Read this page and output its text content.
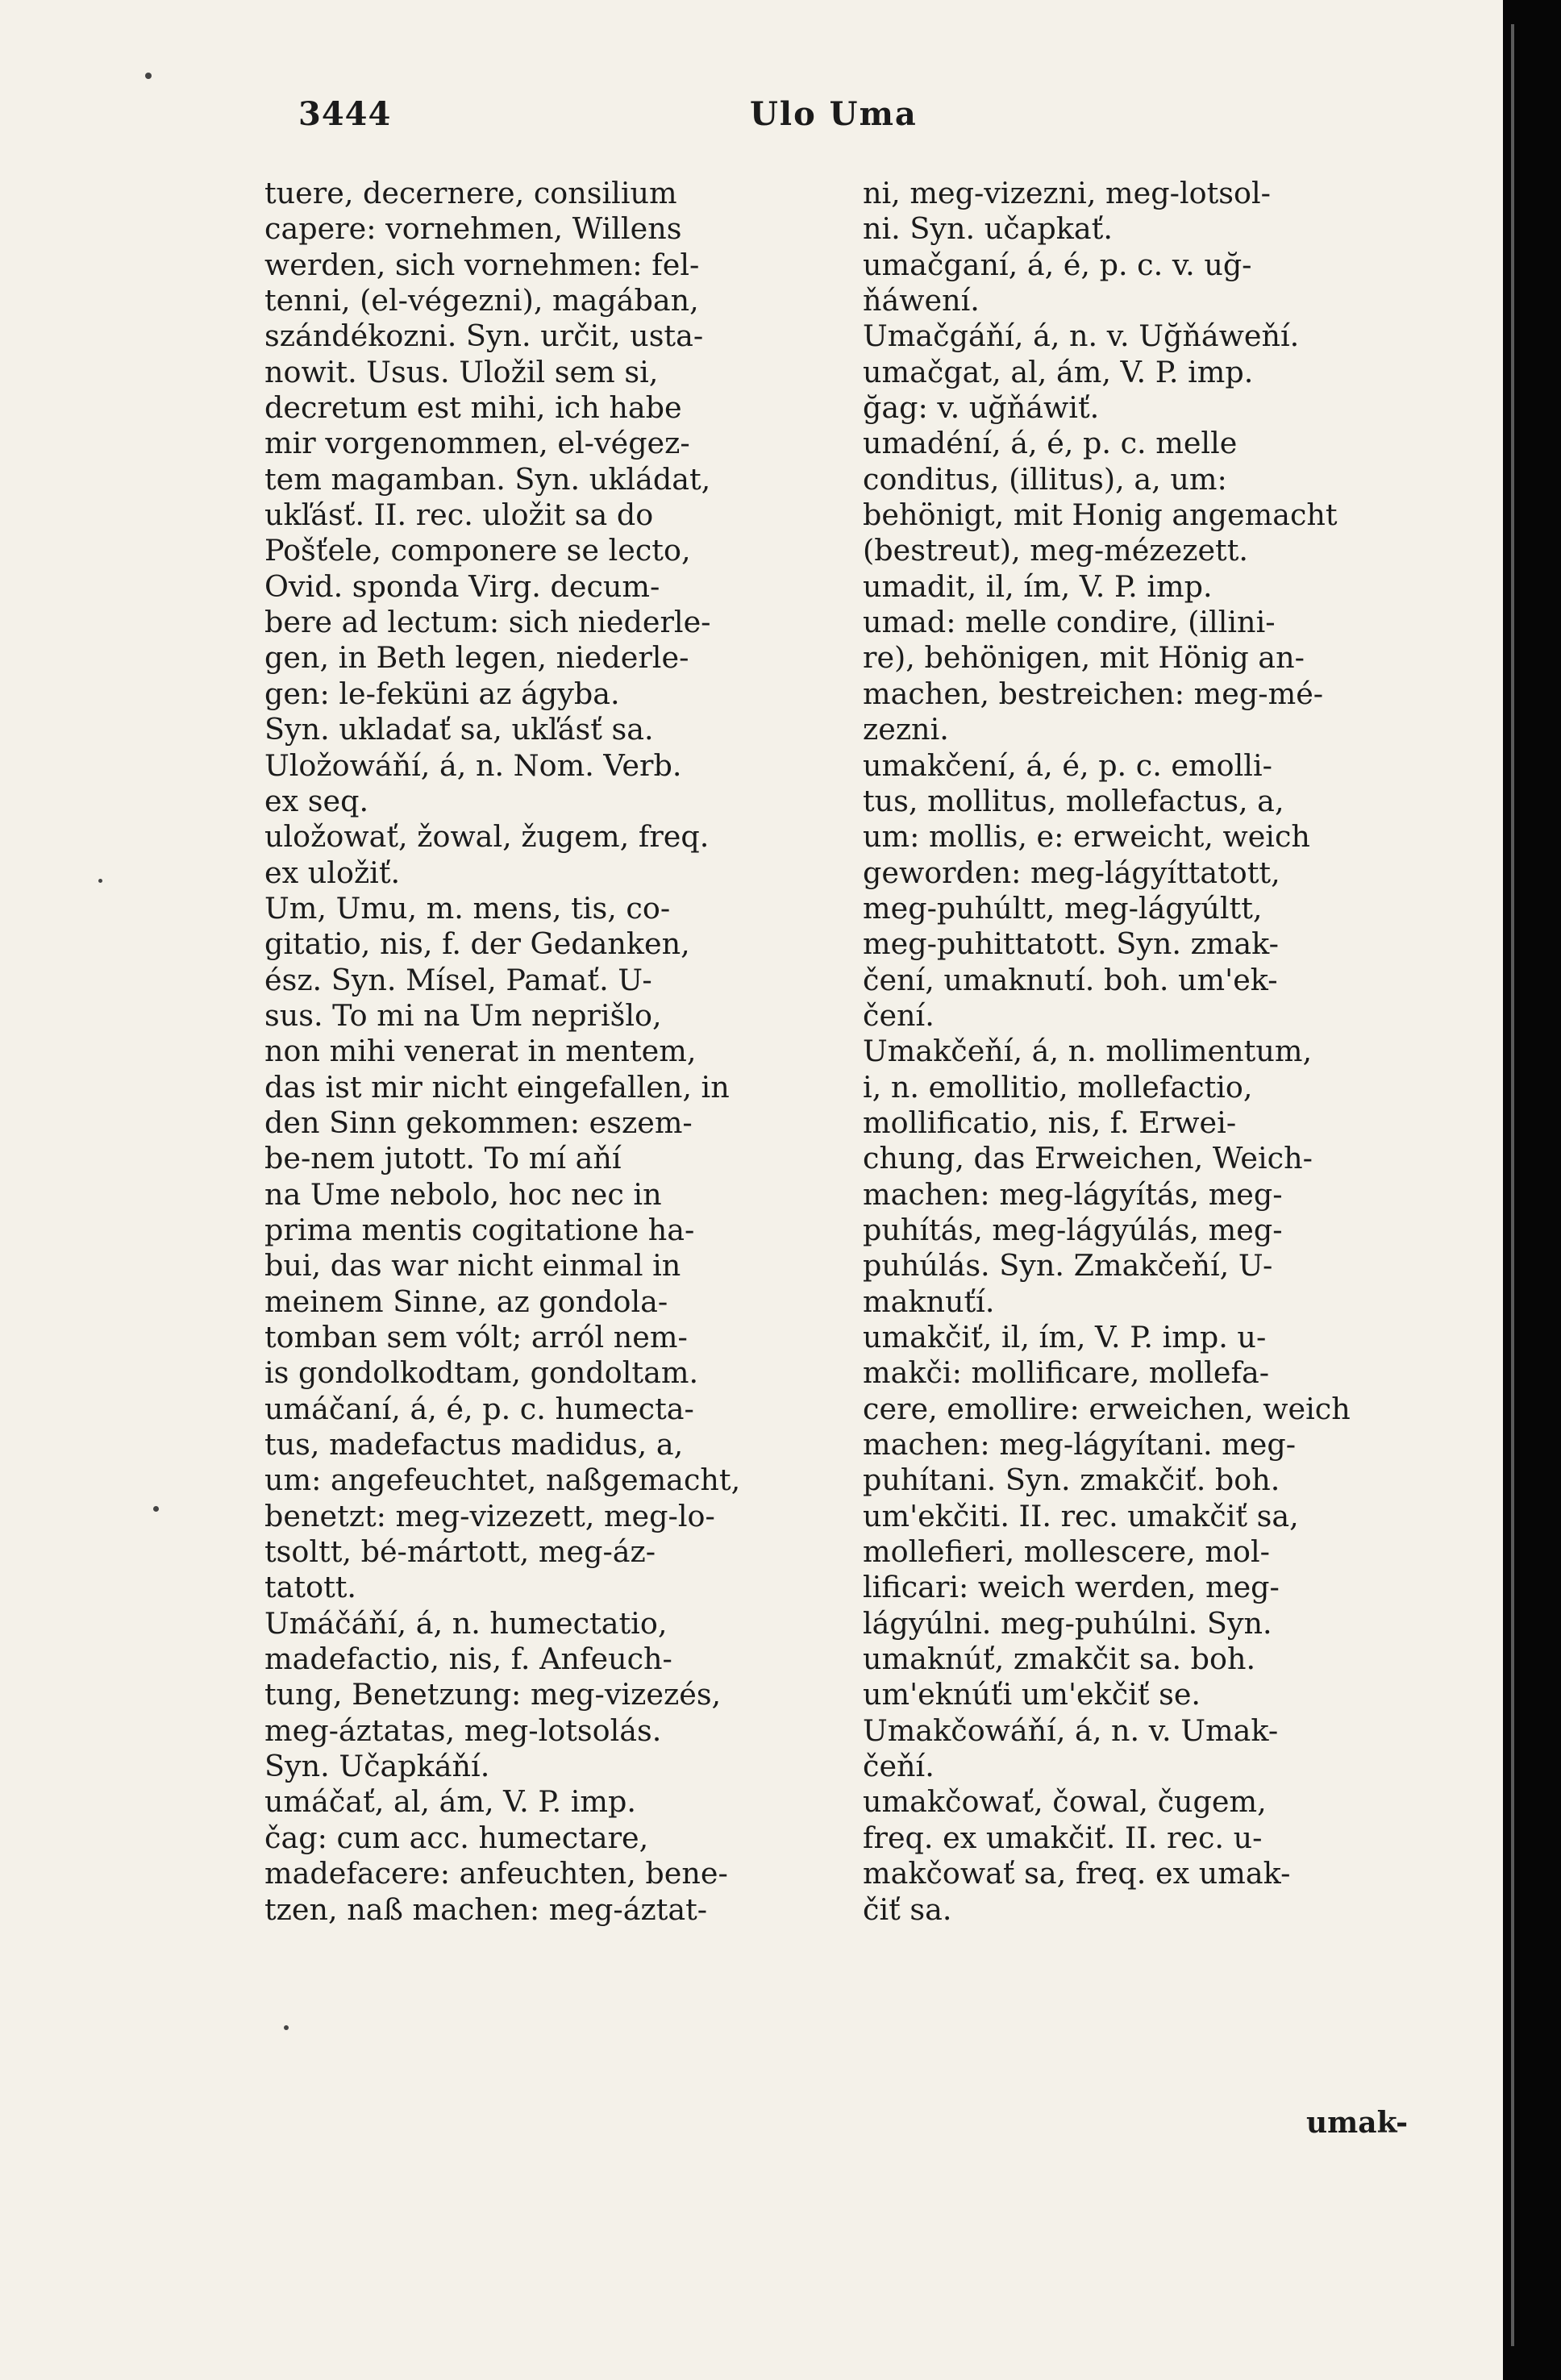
3444	Ulo Uma
tuere, decernere, consilium
capere: vornehmen, Willens
werden, sich vornehmen: fel-
tenni, (el-végezni), magában,
szándékozni. Syn. určit, usta-
nowit. Usus. Uložil sem si,
decretum est mihi, ich habe
mir vorgenommen, el-végez-
tem magamban. Syn. ukládat,
ukľásť. II. rec. uložit sa do
Pošťele, componere se lecto,
Ovid. sponda Virg. decum-
bere ad lectum: sich niederle-
gen, in Beth legen, niederle-
gen: le-feküni az ágyba.
Syn. ukladať sa, ukľásť sa.
Uložowáňí, á, n. Nom. Verb.
ex seq.
uložowať, žowal, žugem, freq.
ex uložiť.
Um, Umu, m. mens, tis, co-
gitatio, nis, f. der Gedanken,
ész. Syn. Mísel, Pamať. U-
sus. To mi na Um neprišlo,
non mihi venerat in mentem,
das ist mir nicht eingefallen, in
den Sinn gekommen: eszem-
be-nem jutott. To mí aňí
na Ume nebolo, hoc nec in
prima mentis cogitatione ha-
bui, das war nicht einmal in
meinem Sinne, az gondola-
tomban sem vólt; arról nem-
is gondolkodtam, gondoltam.
umáčaní, á, é, p. c. humecta-
tus, madefactus madidus, a,
um: angefeuchtet, naßgemacht,
benetzt: meg-vizezett, meg-lo-
tsoltt, bé-mártott, meg-áz-
tatott.
Umáčáňí, á, n. humectatio,
madefactio, nis, f. Anfeuch-
tung, Benetzung: meg-vizezés,
meg-áztatas, meg-lotsolás.
Syn. Učapkáňí.
umáčať, al, ám, V. P. imp.
čag: cum acc. humectare,
madefacere: anfeuchten, bene-
tzen, naß machen: meg-áztat-
ni, meg-vizezni, meg-lotsol-
ni. Syn. učapkať.
umačganí, á, é, p. c. v. uğ-
ňáwení.
Umačgáňí, á, n. v. Uğňáweňí.
umačgat, al, ám, V. P. imp.
ğag: v. uğňáwiť.
umadéní, á, é, p. c. melle
conditus, (illitus), a, um:
behönigt, mit Honig angemacht
(bestreut), meg-mézezett.
umadit, il, ím, V. P. imp.
umad: melle condire, (illini-
re), behönigen, mit Hönig an-
machen, bestreichen: meg-mé-
zezni.
umakčení, á, é, p. c. emolli-
tus, mollitus, mollefactus, a,
um: mollis, e: erweicht, weich
geworden: meg-lágyíttatott,
meg-puhúltt, meg-lágyúltt,
meg-puhittatott. Syn. zmak-
čení, umaknutí. boh. um'ek-
čení.
Umakčeňí, á, n. mollimentum,
i, n. emollitio, mollefactio,
mollificatio, nis, f. Erwei-
chung, das Erweichen, Weich-
machen: meg-lágyítás, meg-
puhítás, meg-lágyúlás, meg-
puhúlás. Syn. Zmakčeňí, U-
maknuťí.
umakčiť, il, ím, V. P. imp. u-
makči: mollificare, mollefa-
cere, emollire: erweichen, weich
machen: meg-lágyítani. meg-
puhítani. Syn. zmakčiť. boh.
um'ekčiti. II. rec. umakčiť sa,
mollefieri, mollescere, mol-
lificari: weich werden, meg-
lágyúlni. meg-puhúlni. Syn.
umaknúť, zmakčit sa. boh.
um'eknúťi um'ekčiť se.
Umakčowáňí, á, n. v. Umak-
čeňí.
umakčowať, čowal, čugem,
freq. ex umakčiť. II. rec. u-
makčowať sa, freq. ex umak-
čiť sa.
umak-
